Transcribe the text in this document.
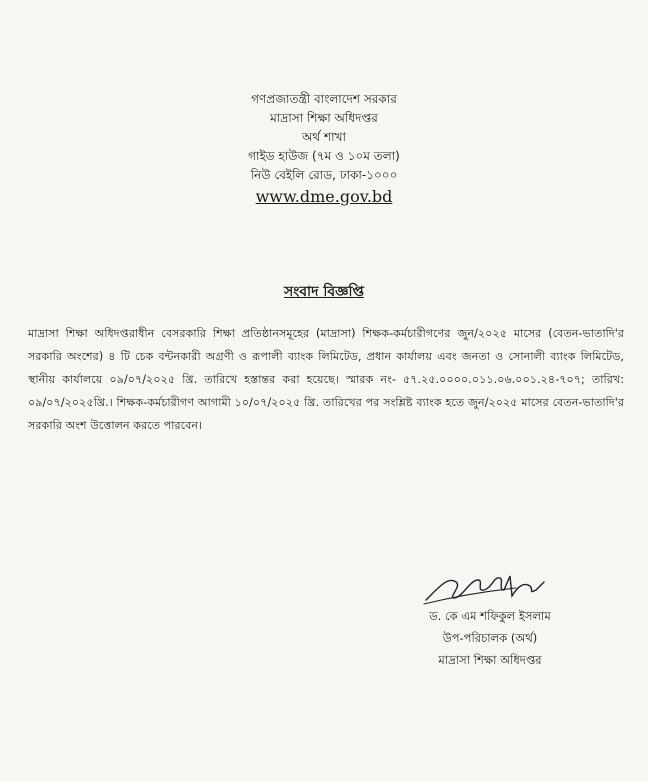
গণপ্রজাতন্ত্রী বাংলাদেশ সরকার
মাদ্রাসা শিক্ষা অধিদপ্তর
অর্থ শাখা
গাইড হাউজ (৭ম ও ১০ম তলা)
নিউ বেইলি রোড, ঢাকা-১০০০
www.dme.gov.bd
সংবাদ বিজ্ঞপ্তি
মাদ্রাসা শিক্ষা অধিদপ্তরাধীন বেসরকারি শিক্ষা প্রতিষ্ঠানসমূহের (মাদ্রাসা) শিক্ষক-কর্মচারীগণের জুন/২০২৫ মাসের (বেতন-ভাতাদি'র সরকারি অংশের) ৪ টি চেক বন্টনকারী অগ্রণী ও রূপালী ব্যাংক লিমিটেড, প্রধান কার্যালয় এবং জনতা ও সোনালী ব্যাংক লিমিটেড, স্থানীয় কার্যালয়ে ০৯/০৭/২০২৫ খ্রি. তারিখে হস্তান্তর করা হয়েছে। স্মারক নং- ৫৭.২৫.০০০০.০১১.০৬.০০১.২৪-৭০৭; তারিখ: ০৯/০৭/২০২৫খ্রি.। শিক্ষক-কর্মচারীগণ আগামী ১০/০৭/২০২৫ খ্রি. তারিখের পর সংশ্লিষ্ট ব্যাংক হতে জুন/২০২৫ মাসের বেতন-ভাতাদি'র সরকারি অংশ উত্তোলন করতে পারবেন।
ড. কে এম শফিকুল ইসলাম
উপ-পরিচালক (অর্থ)
মাদ্রাসা শিক্ষা অধিদপ্তর
